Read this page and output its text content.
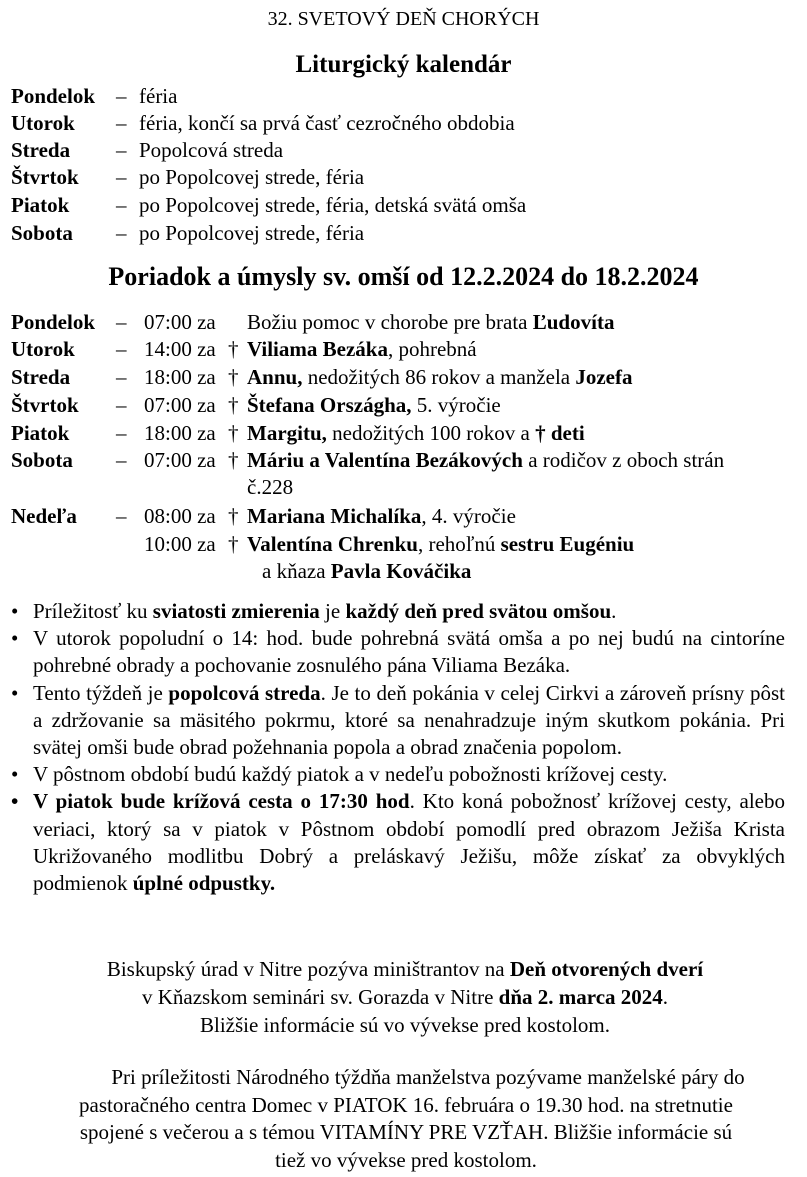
32. SVETOVÝ DEŇ CHORÝCH
Liturgický kalendár
Pondelok – féria
Utorok – féria, končí sa prvá časť cezročného obdobia
Streda – Popolcová streda
Štvrtok – po Popolcovej strede, féria
Piatok – po Popolcovej strede, féria, detská svätá omša
Sobota – po Popolcovej strede, féria
Poriadok a úmysly sv. omší od 12.2.2024 do 18.2.2024
Pondelok – 07:00 za Božiu pomoc v chorobe pre brata Ľudovíta
Utorok – 14:00 za † Viliama Bezáka, pohrebná
Streda – 18:00 za † Annu, nedožitých 86 rokov a manžela Jozefa
Štvrtok – 07:00 za † Štefana Országha, 5. výročie
Piatok – 18:00 za † Margitu, nedožitých 100 rokov a † deti
Sobota – 07:00 za † Máriu a Valentína Bezákových a rodičov z oboch strán
č.228
Nedeľa – 08:00 za † Mariana Michalíka, 4. výročie
10:00 za † Valentína Chrenku, rehoľnú sestru Eugéniu
a kňaza Pavla Kováčika
• Príležitosť ku sviatosti zmierenia je každý deň pred svätou omšou.
• V utorok popoludní o 14: hod. bude pohrebná svätá omša a po nej budú na cintoríne pohrebné obrady a pochovanie zosnulého pána Viliama Bezáka.
• Tento týždeň je popolcová streda. Je to deň pokánia v celej Cirkvi a zároveň prísny pôst a zdržovanie sa mäsitého pokrmu, ktoré sa nenahradzuje iným skutkom pokánia. Pri svätej omši bude obrad požehnania popola a obrad značenia popolom.
• V pôstnom období budú každý piatok a v nedeľu pobožnosti krížovej cesty.
• V piatok bude krížová cesta o 17:30 hod. Kto koná pobožnosť krížovej cesty, alebo veriaci, ktorý sa v piatok v Pôstnom období pomodlí pred obrazom Ježiša Krista Ukrižovaného modlitbu Dobrý a preláskavý Ježišu, môže získať za obvyklých podmienok úplné odpustky.
Biskupský úrad v Nitre pozýva miništrantov na Deň otvorených dverí
v Kňazskom seminári sv. Gorazda v Nitre dňa 2. marca 2024.
Bližšie informácie sú vo vývekse pred kostolom.
Pri príležitosti Národného týždňa manželstva pozývame manželské páry do
pastoračného centra Domec v PIATOK 16. februára o 19.30 hod. na stretnutie
spojené s večerou a s témou VITAMÍNY PRE VZŤAH. Bližšie informácie sú
tiež vo vývekse pred kostolom.
